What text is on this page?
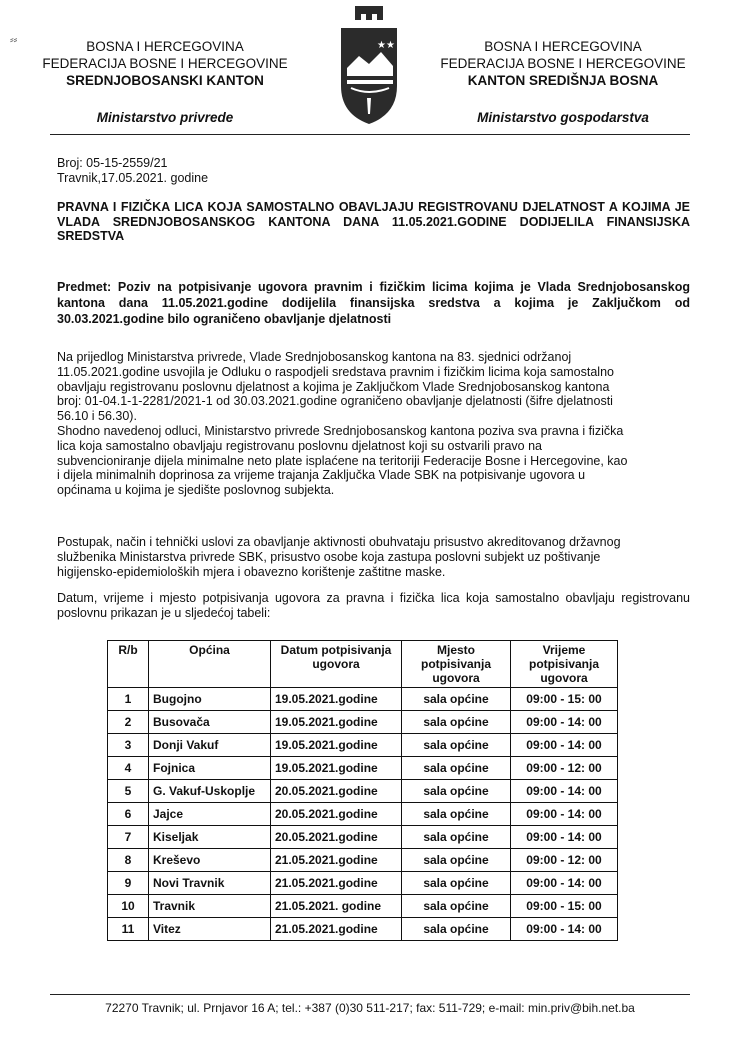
⸗⸗	BOSNA I HERCEGOVINA
FEDERACIJA BOSNE I HERCEGOVINE
SREDNJOBOSANSKI KANTON
Ministarstvo privrede
★★	BOSNA I HERCEGOVINA
FEDERACIJA BOSNE I HERCEGOVINE
KANTON SREDIŠNJA BOSNA
Ministarstvo gospodarstva
Broj: 05-15-2559/21
Travnik,17.05.2021. godine
PRAVNA I FIZIČKA LICA KOJA SAMOSTALNO OBAVLJAJU REGISTROVANU DJELATNOST A KOJIMA JE VLADA SREDNJOBOSANSKOG KANTONA DANA 11.05.2021.GODINE DODIJELILA FINANSIJSKA SREDSTVA
Predmet: Poziv na potpisivanje ugovora pravnim i fizičkim licima kojima je Vlada Srednjobosanskog kantona dana 11.05.2021.godine dodijelila finansijska sredstva a kojima je Zaključkom od 30.03.2021.godine bilo ograničeno obavljanje djelatnosti
Na prijedlog Ministarstva privrede, Vlade Srednjobosanskog kantona na 83. sjednici održanoj
11.05.2021.godine usvojila je Odluku o raspodjeli sredstava pravnim i fizičkim licima koja samostalno
obavljaju registrovanu poslovnu djelatnost a kojima je Zaključkom Vlade Srednjobosanskog kantona
broj: 01-04.1-1-2281/2021-1 od 30.03.2021.godine ograničeno obavljanje djelatnosti (šifre djelatnosti
56.10 i 56.30).
Shodno navedenoj odluci, Ministarstvo privrede Srednjobosanskog kantona poziva sva pravna i fizička
lica koja samostalno obavljaju registrovanu poslovnu djelatnost koji su ostvarili pravo na
subvencioniranje dijela minimalne neto plate isplaćene na teritoriji Federacije Bosne i Hercegovine, kao
i dijela minimalnih doprinosa za vrijeme trajanja Zaključka Vlade SBK na potpisivanje ugovora u
općinama u kojima je sjedište poslovnog subjekta.
Postupak, način i tehnički uslovi za obavljanje aktivnosti obuhvataju prisustvo akreditovanog državnog
službenika Ministarstva privrede SBK, prisustvo osobe koja zastupa poslovni subjekt uz poštivanje
higijensko-epidemioloških mjera i obavezno korištenje zaštitne maske.
Datum, vrijeme i mjesto potpisivanja ugovora za pravna i fizička lica koja samostalno obavljaju registrovanu poslovnu prikazan je u sljedećoj tabeli:
R/b	Općina	Datum potpisivanja ugovora	Mjesto potpisivanja ugovora	Vrijeme potpisivanja ugovora
1	Bugojno	19.05.2021.godine	sala općine	09:00 - 15: 00
2	Busovača	19.05.2021.godine	sala općine	09:00 - 14: 00
3	Donji Vakuf	19.05.2021.godine	sala općine	09:00 - 14: 00
4	Fojnica	19.05.2021.godine	sala općine	09:00 - 12: 00
5	G. Vakuf-Uskoplje	20.05.2021.godine	sala općine	09:00 - 14: 00
6	Jajce	20.05.2021.godine	sala općine	09:00 - 14: 00
7	Kiseljak	20.05.2021.godine	sala općine	09:00 - 14: 00
8	Kreševo	21.05.2021.godine	sala općine	09:00 - 12: 00
9	Novi Travnik	21.05.2021.godine	sala općine	09:00 - 14: 00
10	Travnik	21.05.2021. godine	sala općine	09:00 - 15: 00
11	Vitez	21.05.2021.godine	sala općine	09:00 - 14: 00
72270 Travnik; ul. Prnjavor 16 A; tel.: +387 (0)30 511-217; fax: 511-729; e-mail: min.priv@bih.net.ba
